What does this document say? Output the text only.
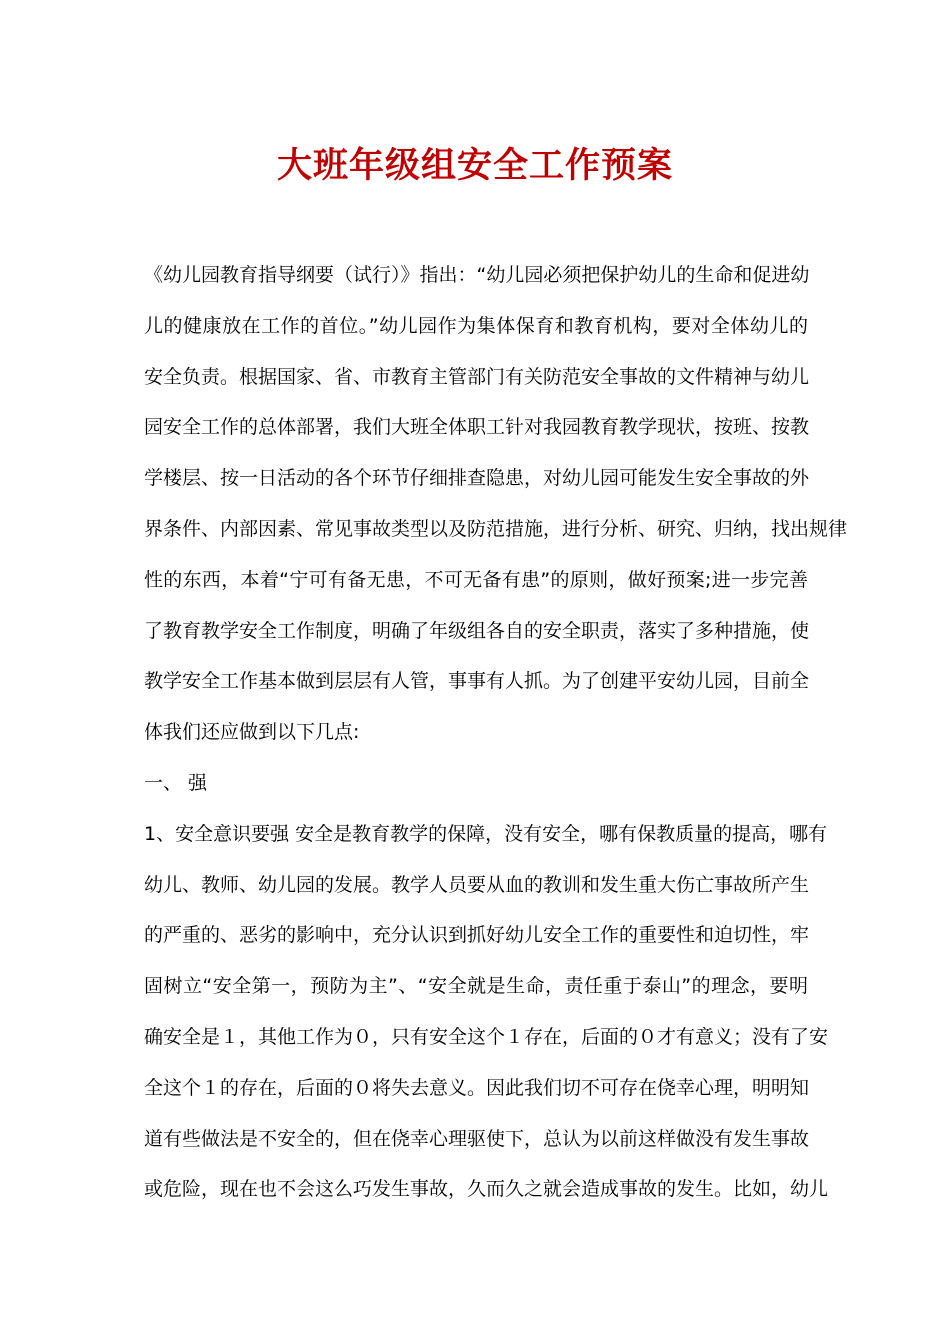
大班年级组安全工作预案
《幼儿园教育指导纲要（试行）》指出：“幼儿园必须把保护幼儿的生命和促进幼
儿的健康放在工作的首位。”幼儿园作为集体保育和教育机构，要对全体幼儿的
安全负责。根据国家、省、市教育主管部门有关防范安全事故的文件精神与幼儿
园安全工作的总体部署，我们大班全体职工针对我园教育教学现状，按班、按教
学楼层、按一日活动的各个环节仔细排查隐患，对幼儿园可能发生安全事故的外
界条件、内部因素、常见事故类型以及防范措施，进行分析、研究、归纳，找出规律
性的东西，本着“宁可有备无患，不可无备有患”的原则，做好预案;进一步完善
了教育教学安全工作制度，明确了年级组各自的安全职责，落实了多种措施，使
教学安全工作基本做到层层有人管，事事有人抓。为了创建平安幼儿园，目前全
体我们还应做到以下几点:
一、 强
1、安全意识要强 安全是教育教学的保障，没有安全，哪有保教质量的提高，哪有
幼儿、教师、幼儿园的发展。教学人员要从血的教训和发生重大伤亡事故所产生
的严重的、恶劣的影响中，充分认识到抓好幼儿安全工作的重要性和迫切性，牢
固树立“安全第一，预防为主”、“安全就是生命，责任重于泰山”的理念，要明
确安全是１，其他工作为０，只有安全这个１存在，后面的０才有意义；没有了安
全这个１的存在，后面的０将失去意义。因此我们切不可存在侥幸心理，明明知
道有些做法是不安全的，但在侥幸心理驱使下，总认为以前这样做没有发生事故
或危险，现在也不会这么巧发生事故，久而久之就会造成事故的发生。比如，幼儿
